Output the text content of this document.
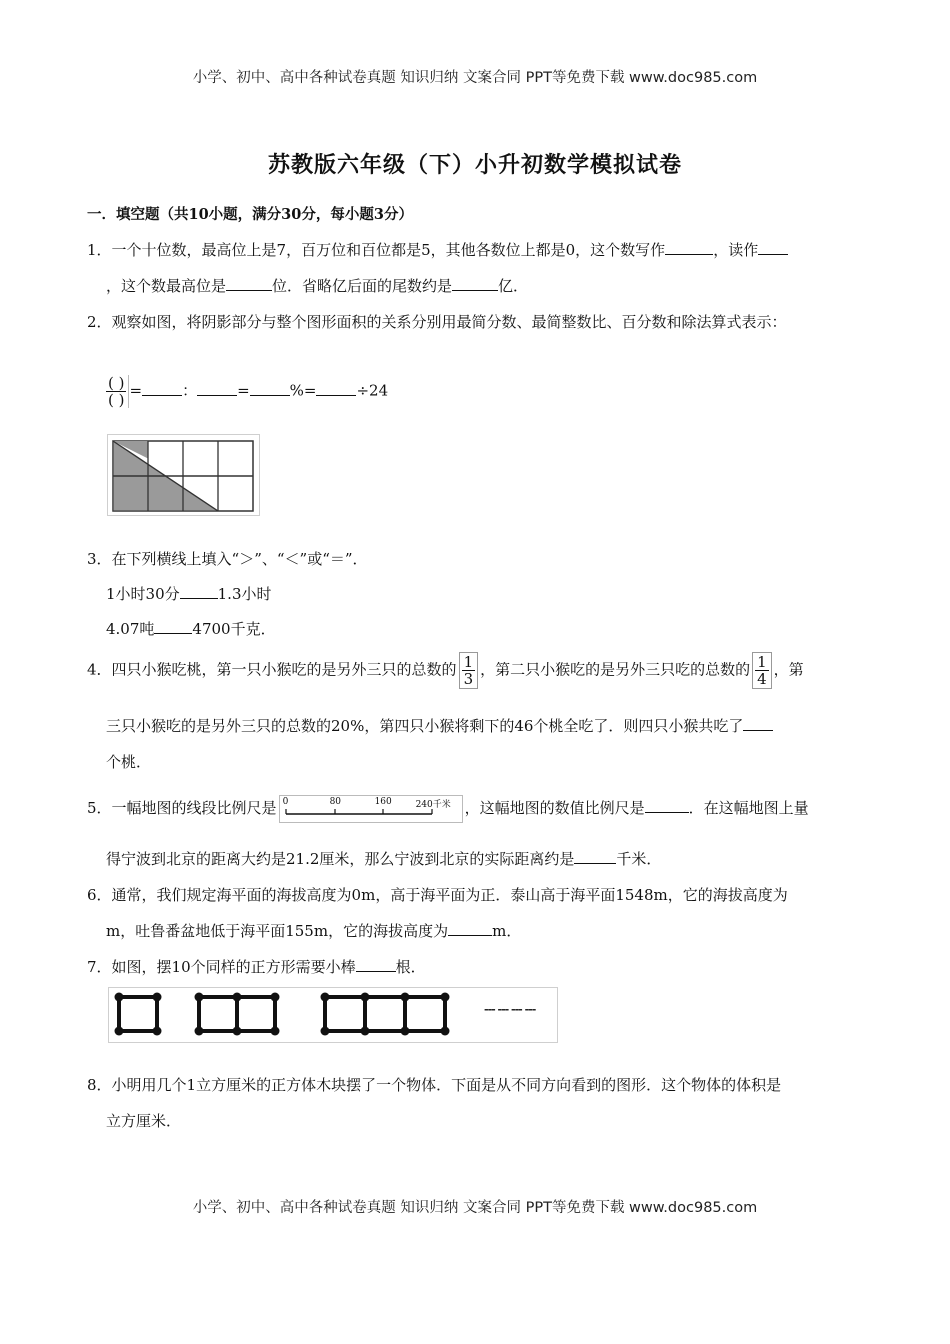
小学、初中、高中各种试卷真题 知识归纳 文案合同 PPT等免费下载 www.doc985.com
苏教版六年级（下）小升初数学模拟试卷
一．填空题（共10小题，满分30分，每小题3分）
1．一个十位数，最高位上是7，百万位和百位都是5，其他各数位上都是0，这个数写作	，读作
，这个数最高位是	位．省略亿后面的尾数约是	亿．
2．观察如图，将阴影部分与整个图形面积的关系分别用最简分数、最简整数比、百分数和除法算式表示：
$\frac{( )}{( )}$ =	：	=	%=	÷24
3．在下列横线上填入“＞”、“＜”或“＝”．
1小时30分	1.3小时
4.07吨	4700千克．
4．四只小猴吃桃，第一只小猴吃的是另外三只的总数的 $\frac{1}{3}$ ，第二只小猴吃的是另外三只吃的总数的 $\frac{1}{4}$ ，第
三只小猴吃的是另外三只的总数的20%，第四只小猴将剩下的46个桃全吃了．则四只小猴共吃了
个桃．
5．一幅地图的线段比例尺是 0	80	160	240千米 ，这幅地图的数值比例尺是	．在这幅地图上量
得宁波到北京的距离大约是21.2厘米，那么宁波到北京的实际距离约是	千米．
6．通常，我们规定海平面的海拔高度为0m，高于海平面为正．泰山高于海平面1548m，它的海拔高度为
m，吐鲁番盆地低于海平面155m，它的海拔高度为	m．
7．如图，摆10个同样的正方形需要小棒	根．
--- --- --- ---
8．小明用几个1立方厘米的正方体木块摆了一个物体．下面是从不同方向看到的图形．这个物体的体积是
立方厘米．
小学、初中、高中各种试卷真题 知识归纳 文案合同 PPT等免费下载 www.doc985.com
